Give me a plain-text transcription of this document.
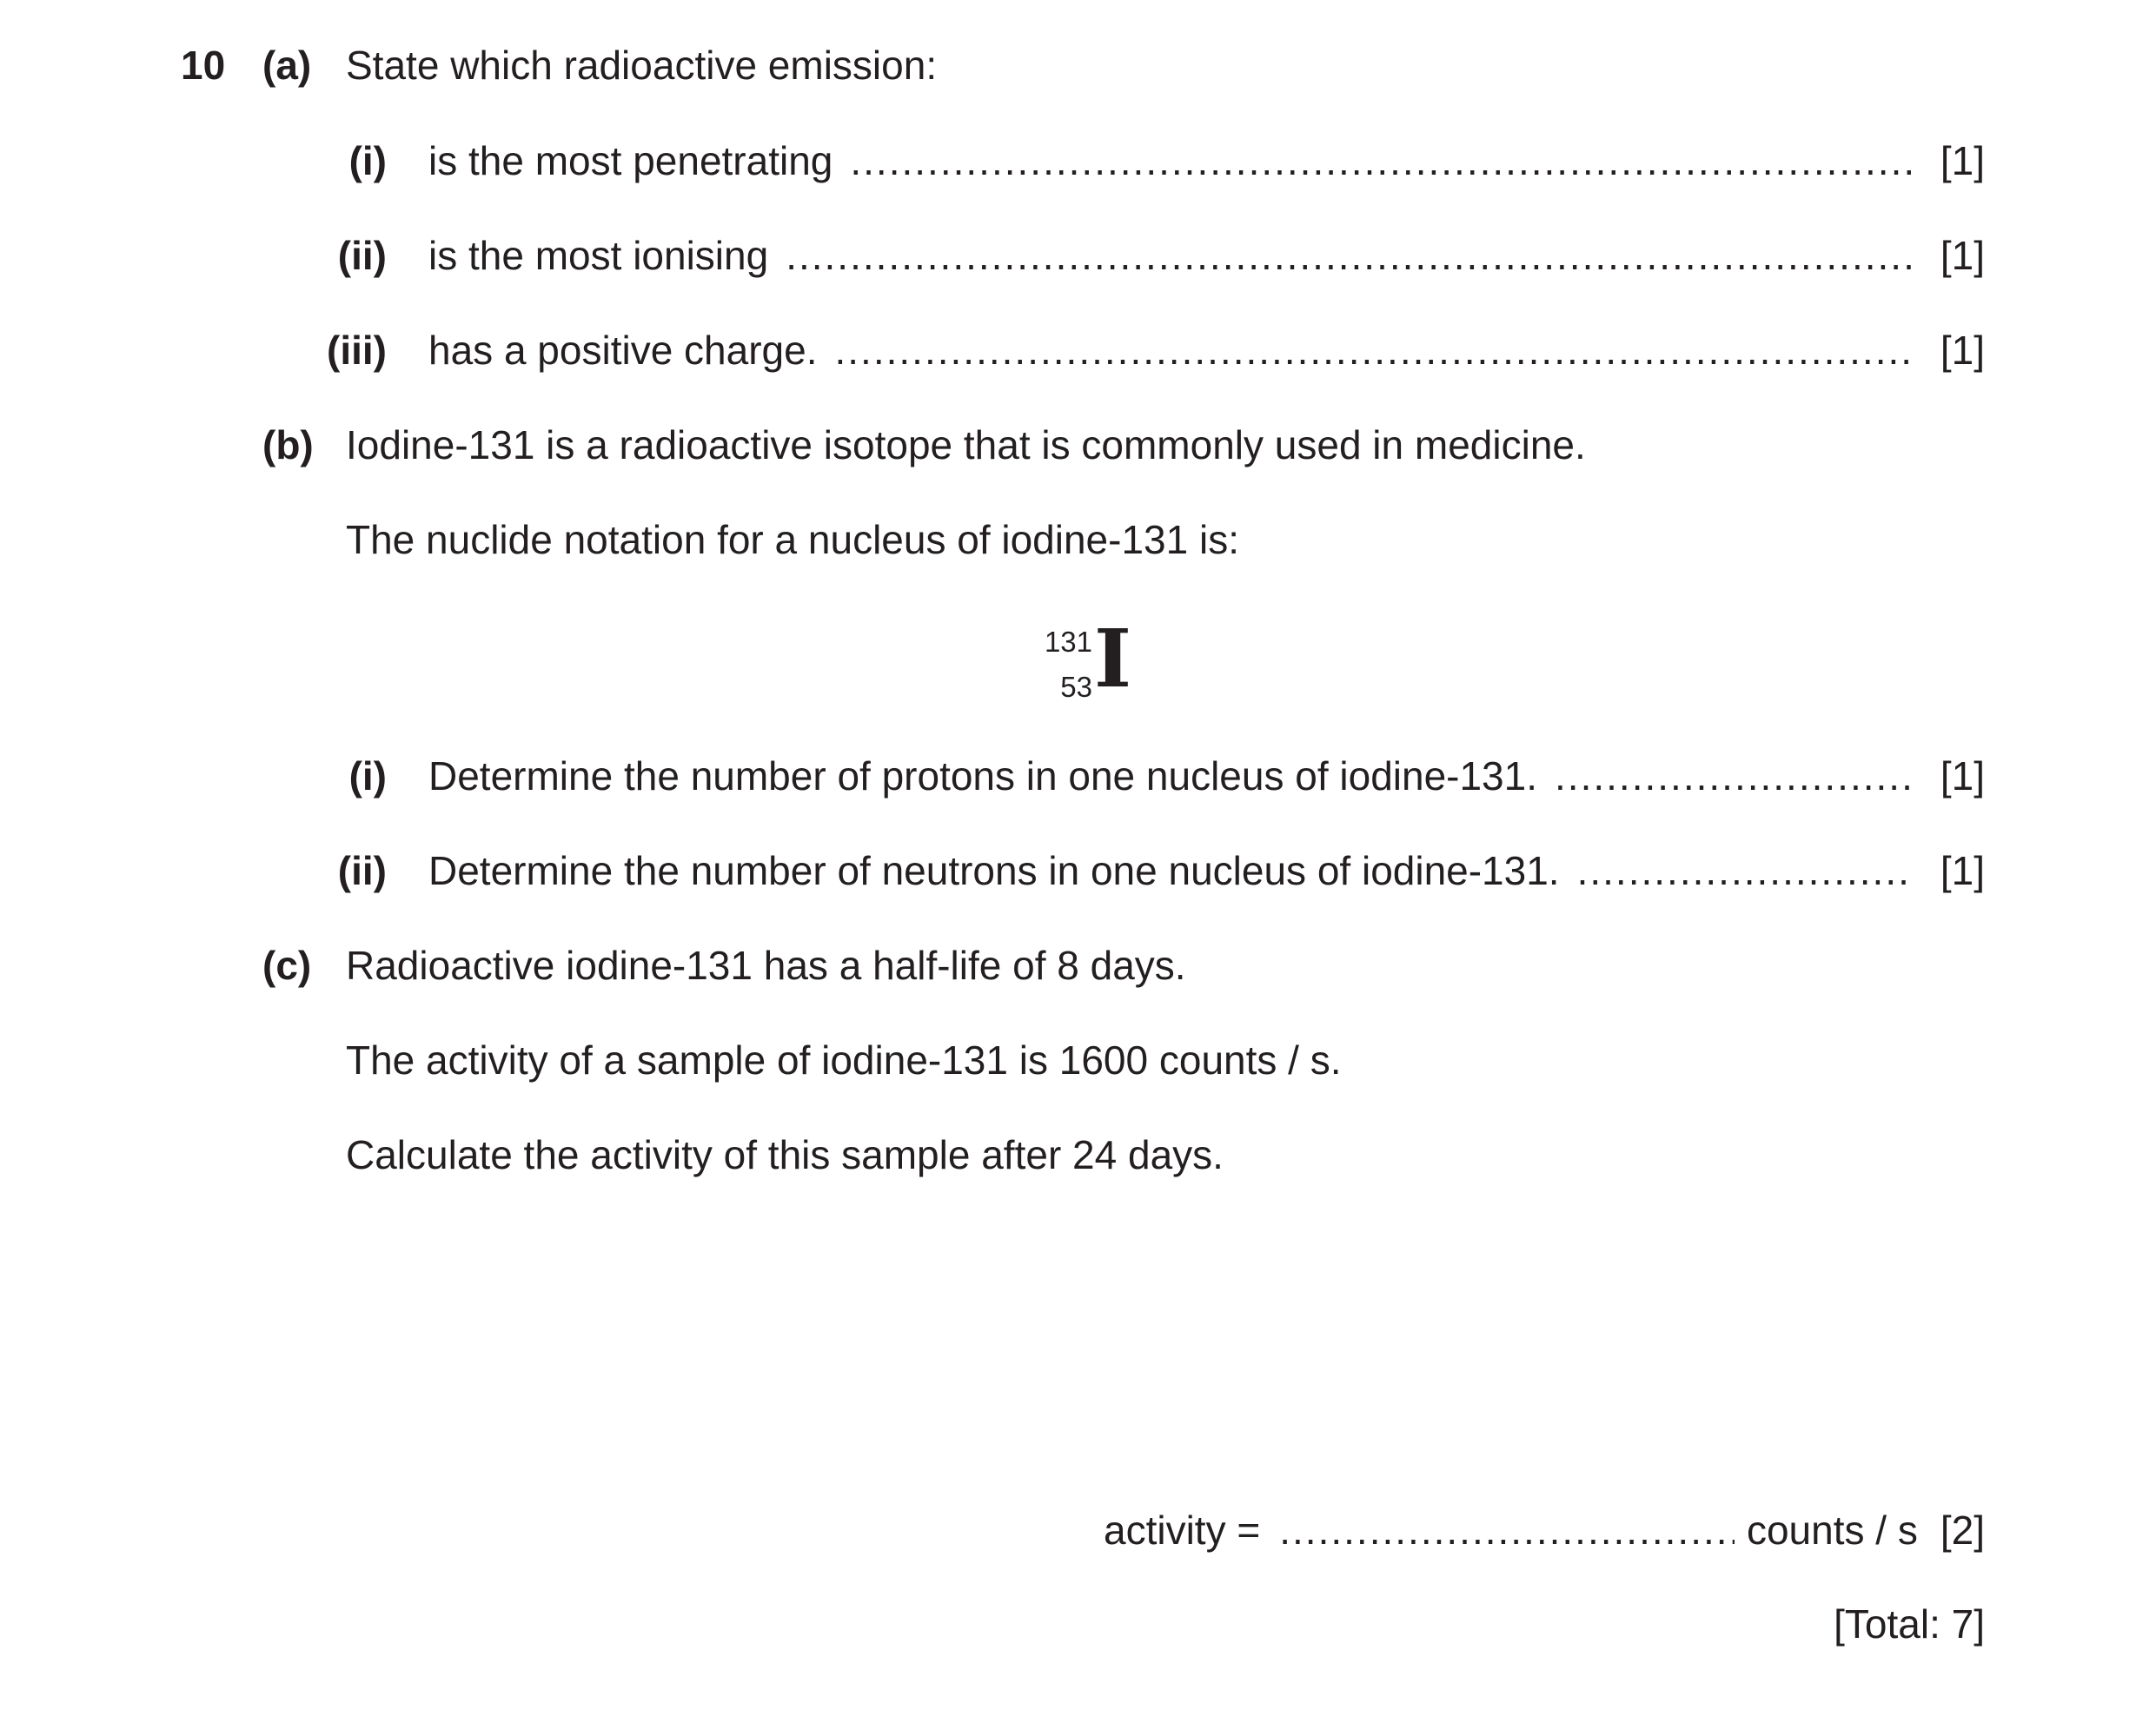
10 (a) State which radioactive emission:
(i) is the most penetrating .....	[1]
(ii) is the most ionising .....	[1]
(iii) has a positive charge. .....	[1]
(b) Iodine-131 is a radioactive isotope that is commonly used in medicine.
The nuclide notation for a nucleus of iodine-131 is:
131
53 I
(i) Determine the number of protons in one nucleus of iodine-131. .....	[1]
(ii) Determine the number of neutrons in one nucleus of iodine-131. .....	[1]
(c) Radioactive iodine-131 has a half-life of 8 days.
The activity of a sample of iodine-131 is 1600 counts / s.
Calculate the activity of this sample after 24 days.
activity = .....	counts / s [2]
[Total: 7]
